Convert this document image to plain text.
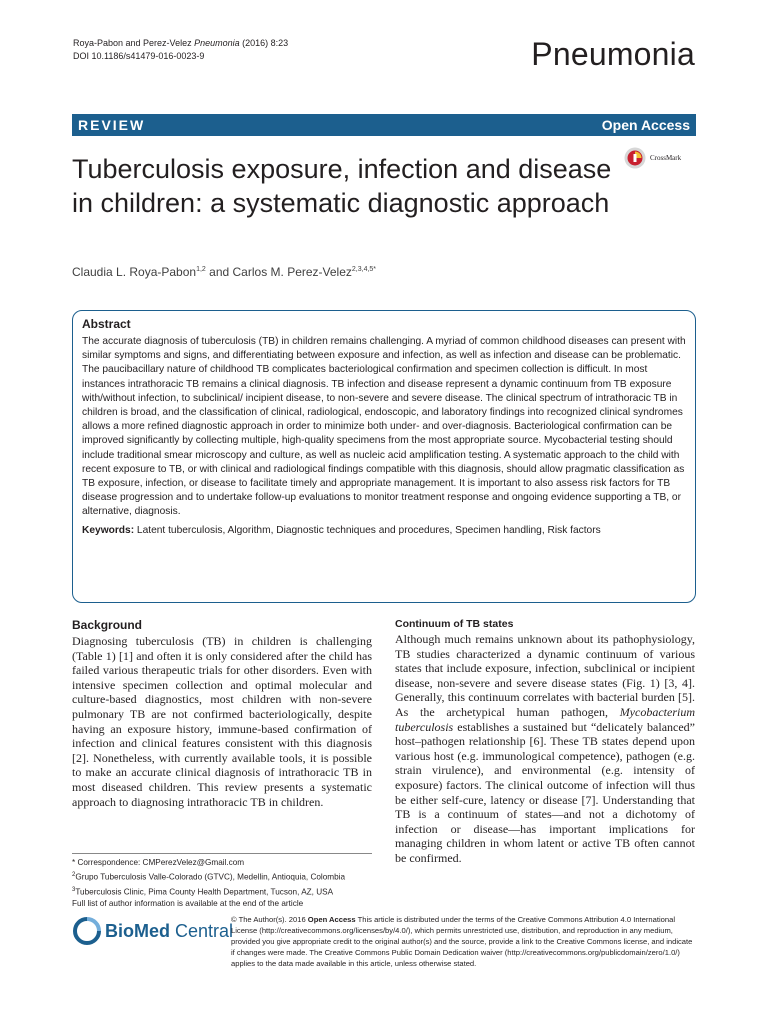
Roya-Pabon and Perez-Velez Pneumonia (2016) 8:23
DOI 10.1186/s41479-016-0023-9	Pneumonia
REVIEW	Open Access
Tuberculosis exposure, infection and disease in children: a systematic diagnostic approach
CrossMark
Claudia L. Roya-Pabon$^{1,2}$ and Carlos M. Perez-Velez$^{2,3,4,5*}$
Abstract
The accurate diagnosis of tuberculosis (TB) in children remains challenging. A myriad of common childhood diseases can present with similar symptoms and signs, and differentiating between exposure and infection, as well as infection and disease can be problematic. The paucibacillary nature of childhood TB complicates bacteriological confirmation and specimen collection is difficult. In most instances intrathoracic TB remains a clinical diagnosis. TB infection and disease represent a dynamic continuum from TB exposure with/without infection, to subclinical/ incipient disease, to non-severe and severe disease. The clinical spectrum of intrathoracic TB in children is broad, and the classification of clinical, radiological, endoscopic, and laboratory findings into recognized clinical syndromes allows a more refined diagnostic approach in order to minimize both under- and over-diagnosis. Bacteriological confirmation can be improved significantly by collecting multiple, high-quality specimens from the most appropriate source. Mycobacterial testing should include traditional smear microscopy and culture, as well as nucleic acid amplification testing. A systematic approach to the child with recent exposure to TB, or with clinical and radiological findings compatible with this diagnosis, should allow pragmatic classification as TB exposure, infection, or disease to facilitate timely and appropriate management. It is important to also assess risk factors for TB disease progression and to undertake follow-up evaluations to monitor treatment response and ongoing evidence supporting a TB, or alternative, diagnosis.
Keywords: Latent tuberculosis, Algorithm, Diagnostic techniques and procedures, Specimen handling, Risk factors
Background

Diagnosing tuberculosis (TB) in children is challenging (Table 1) [1] and often it is only considered after the child has failed various therapeutic trials for other disorders. Even with intensive specimen collection and optimal molecular and culture-based diagnostics, most children with non-severe pulmonary TB are not confirmed bacteriologically, despite having an exposure history, immune-based confirmation of infection and clinical features consistent with this diagnosis [2]. Nonetheless, with currently available tools, it is possible to make an accurate clinical diagnosis of intrathoracic TB in most diseased children. This review presents a systematic approach to diagnosing intrathoracic TB in children.

Continuum of TB states

Although much remains unknown about its pathophysiology, TB studies characterized a dynamic continuum of various states that include exposure, infection, subclinical or incipient disease, non-severe and severe disease states (Fig. 1) [3, 4]. Generally, this continuum correlates with bacterial burden [5]. As the archetypical human pathogen, Mycobacterium tuberculosis establishes a sustained but “delicately balanced” host–pathogen relationship [6]. These TB states depend upon various host (e.g. immunological competence), pathogen (e.g. strain virulence), and environmental (e.g. intensity of exposure) factors. The clinical outcome of infection will thus be either self-cure, latency or disease [7]. Understanding that TB is a continuum of states—and not a dichotomy of infection or disease—has important implications for managing children in whom latent or active TB often cannot be confirmed.

* Correspondence: CMPerezVelez@Gmail.com
$^2$Grupo Tuberculosis Valle-Colorado (GTVC), Medellin, Antioquia, Colombia
$^3$Tuberculosis Clinic, Pima County Health Department, Tucson, AZ, USA
Full list of author information is available at the end of the article
BioMed Central
© The Author(s). 2016 Open Access This article is distributed under the terms of the Creative Commons Attribution 4.0 International License (http://creativecommons.org/licenses/by/4.0/), which permits unrestricted use, distribution, and reproduction in any medium, provided you give appropriate credit to the original author(s) and the source, provide a link to the Creative Commons license, and indicate if changes were made. The Creative Commons Public Domain Dedication waiver (http://creativecommons.org/publicdomain/zero/1.0/) applies to the data made available in this article, unless otherwise stated.
